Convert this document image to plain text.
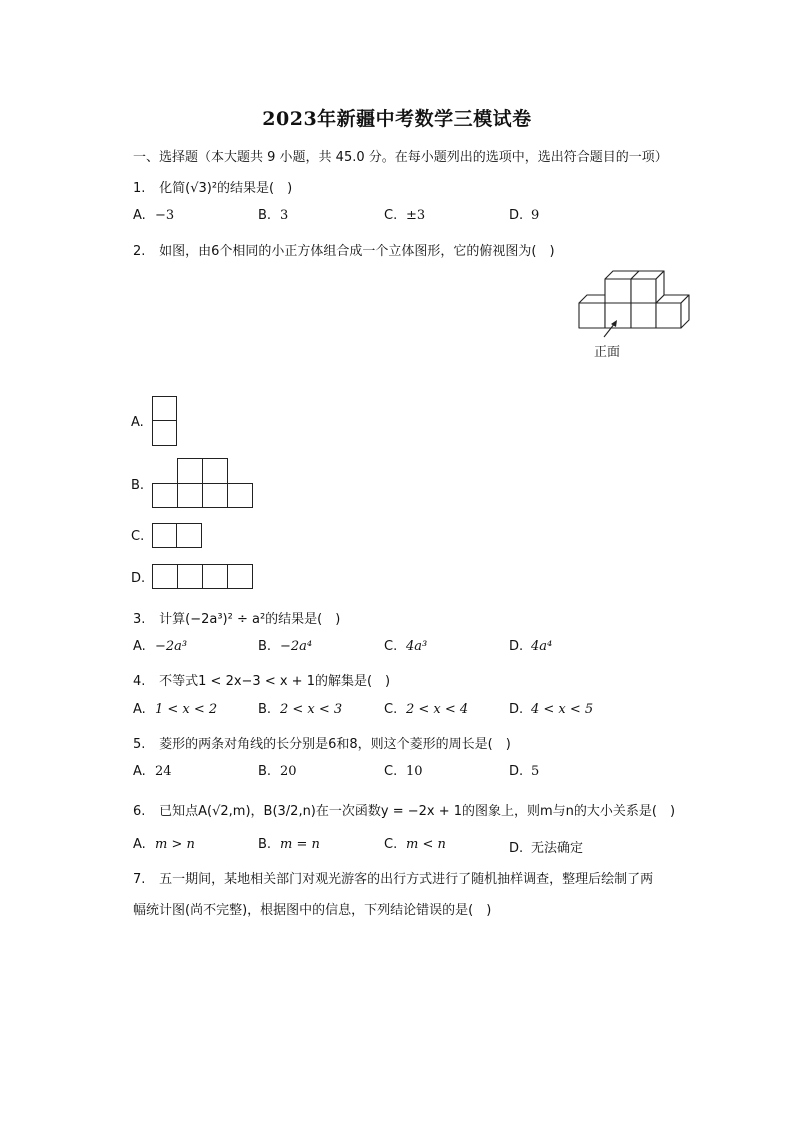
2023年新疆中考数学三模试卷
一、选择题（本大题共 9 小题，共 45.0 分。在每小题列出的选项中，选出符合题目的一项）
1. 化简(√3)²的结果是(　)
A. −3	B. 3	C. ±3	D. 9
2. 如图，由6个相同的小正方体组合成一个立体图形，它的俯视图为(　)
正面
A.
B.
C.
D.
3. 计算(−2a³)² ÷ a²的结果是(　)
A. −2a³	B. −2a⁴	C. 4a³	D. 4a⁴
4. 不等式1 < 2x−3 < x + 1的解集是(　)
A. 1 < x < 2	B. 2 < x < 3	C. 2 < x < 4	D. 4 < x < 5
5. 菱形的两条对角线的长分别是6和8，则这个菱形的周长是(　)
A. 24	B. 20	C. 10	D. 5
6. 已知点A(√2,m)，B(3/2,n)在一次函数y = −2x + 1的图象上，则m与n的大小关系是(　)
A. m > n	B. m = n	C. m < n	D. 无法确定
7. 五一期间，某地相关部门对观光游客的出行方式进行了随机抽样调查，整理后绘制了两
幅统计图(尚不完整)，根据图中的信息，下列结论错误的是(　)
